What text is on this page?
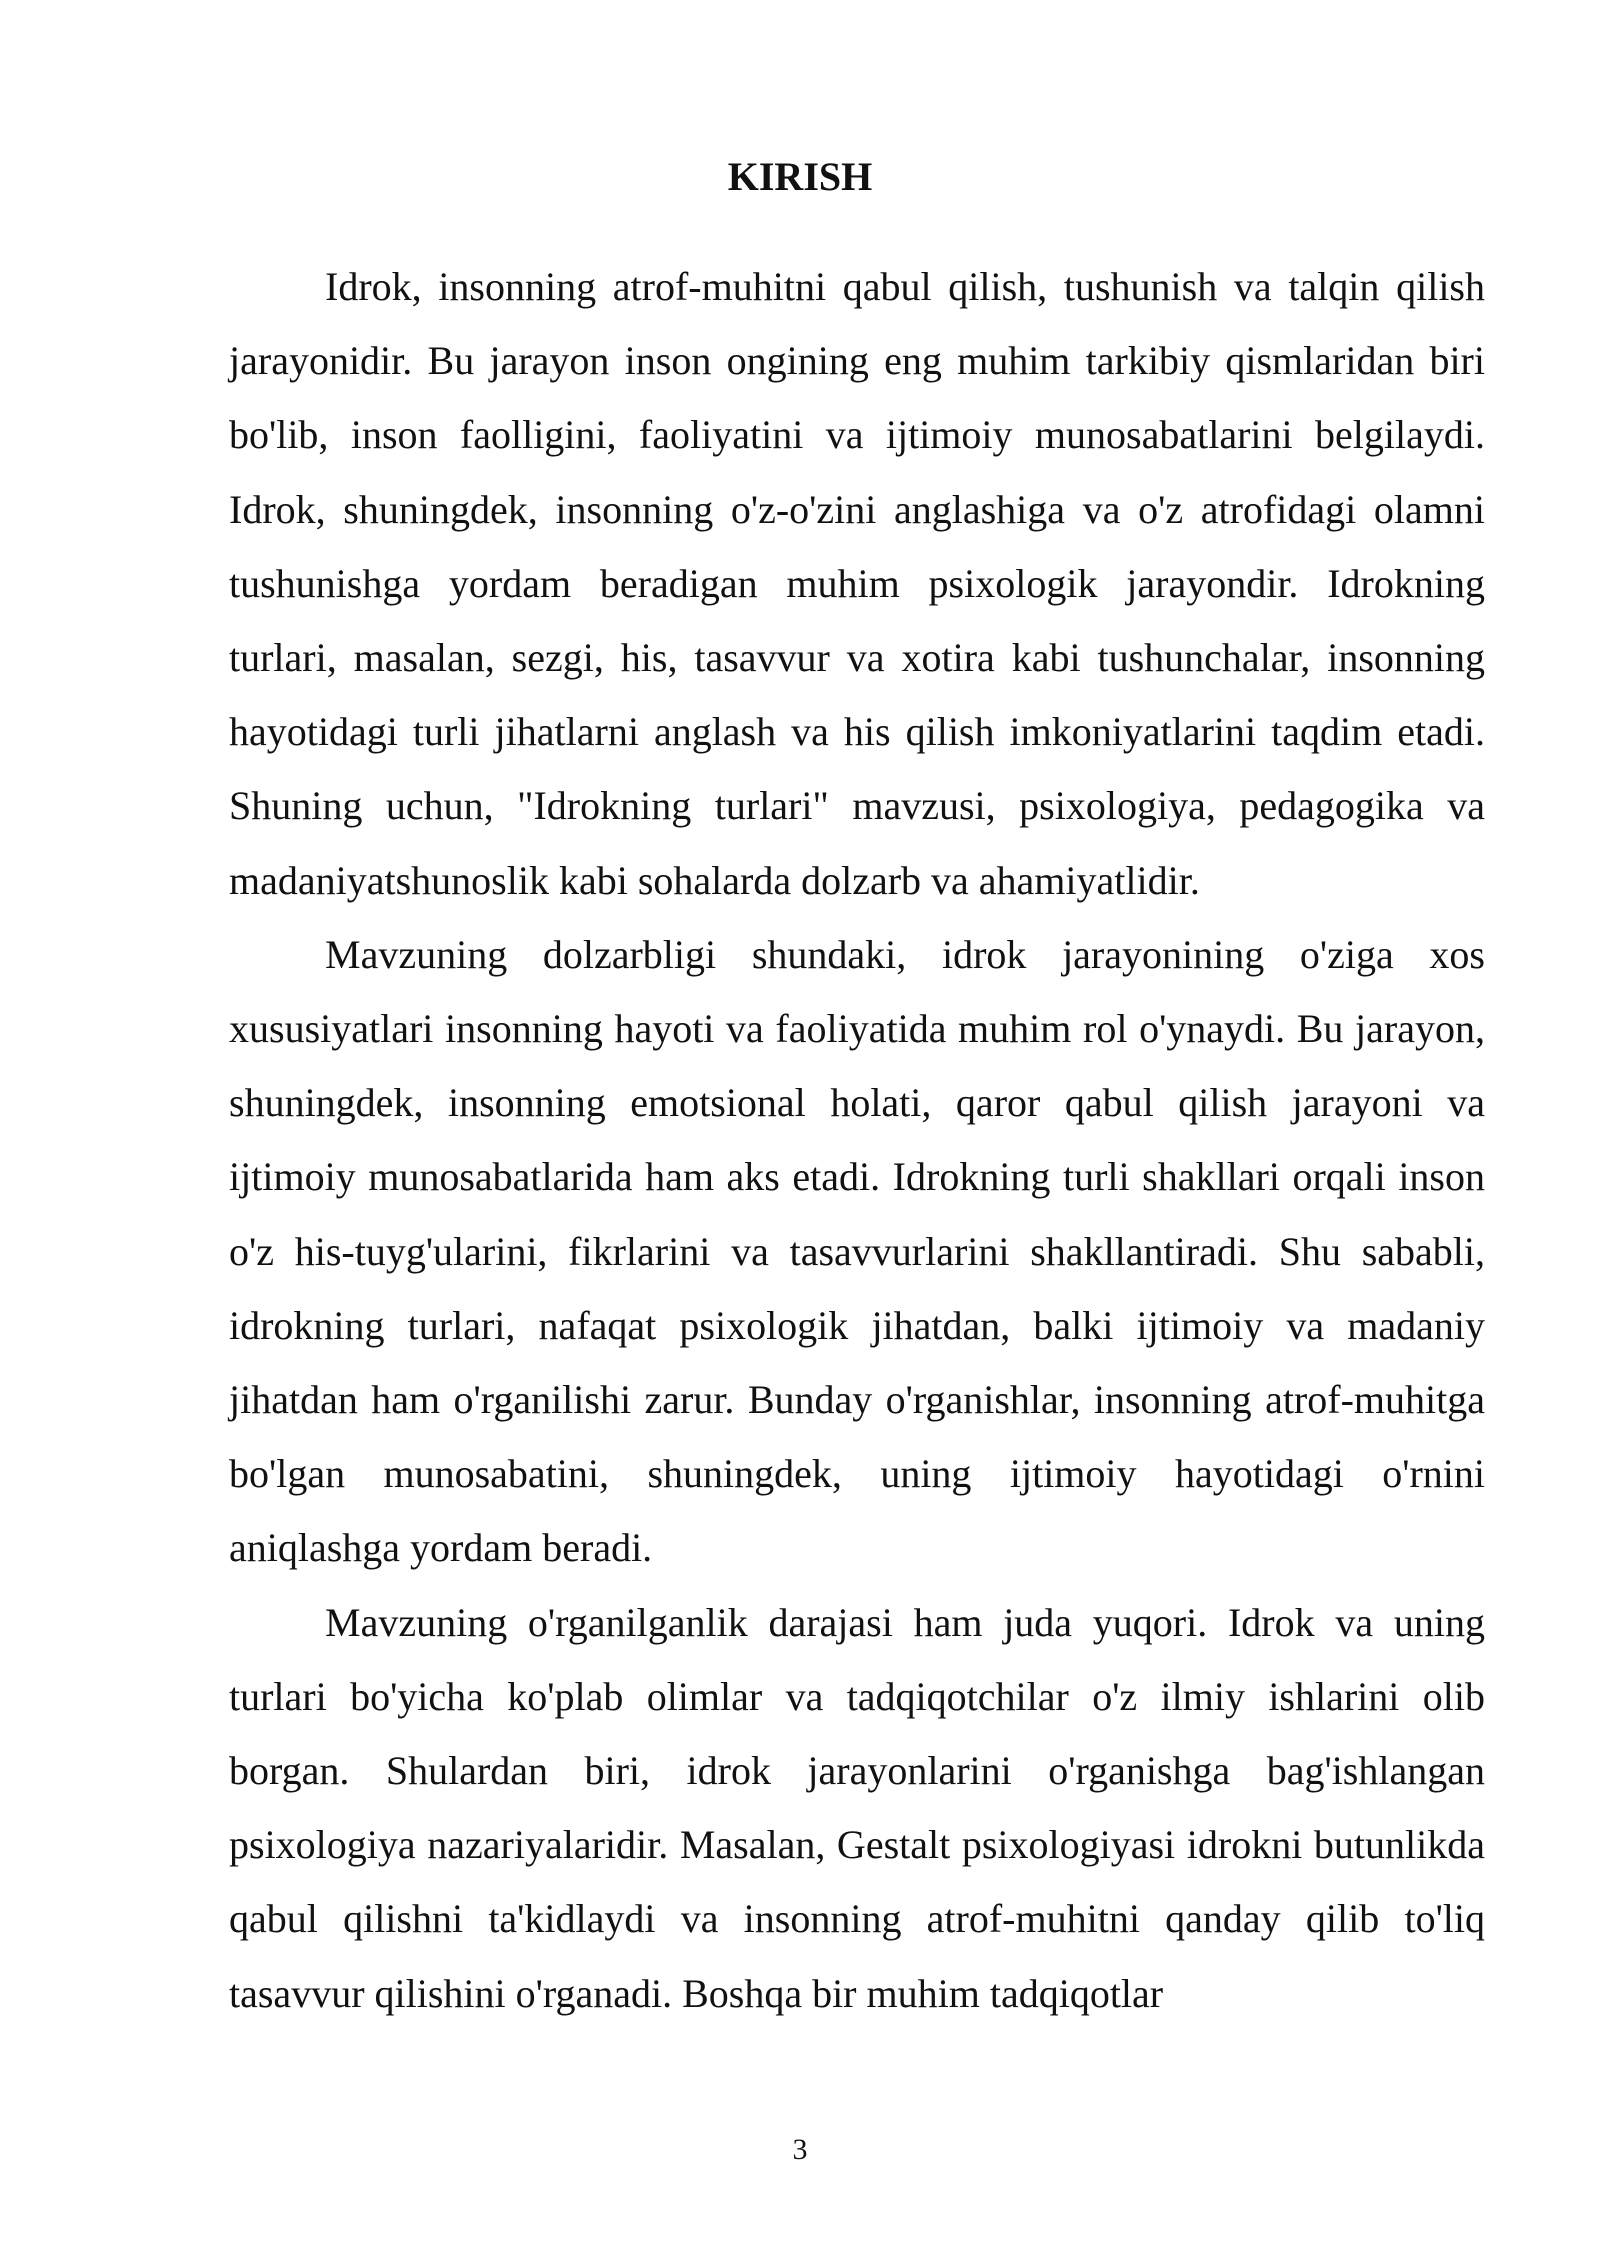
KIRISH

Idrok, insonning atrof-muhitni qabul qilish, tushunish va talqin qilish jarayonidir. Bu jarayon inson ongining eng muhim tarkibiy qismlaridan biri bo'lib, inson faolligini, faoliyatini va ijtimoiy munosabatlarini belgilaydi. Idrok, shuningdek, insonning o'z-o'zini anglashiga va o'z atrofidagi olamni tushunishga yordam beradigan muhim psixologik jarayondir. Idrokning turlari, masalan, sezgi, his, tasavvur va xotira kabi tushunchalar, insonning hayotidagi turli jihatlarni anglash va his qilish imkoniyatlarini taqdim etadi. Shuning uchun, "Idrokning turlari" mavzusi, psixologiya, pedagogika va madaniyatshunoslik kabi sohalarda dolzarb va ahamiyatlidir.

Mavzuning dolzarbligi shundaki, idrok jarayonining o'ziga xos xususiyatlari insonning hayoti va faoliyatida muhim rol o'ynaydi. Bu jarayon, shuningdek, insonning emotsional holati, qaror qabul qilish jarayoni va ijtimoiy munosabatlarida ham aks etadi. Idrokning turli shakllari orqali inson o'z his-tuyg'ularini, fikrlarini va tasavvurlarini shakllantiradi. Shu sababli, idrokning turlari, nafaqat psixologik jihatdan, balki ijtimoiy va madaniy jihatdan ham o'rganilishi zarur. Bunday o'rganishlar, insonning atrof-muhitga bo'lgan munosabatini, shuningdek, uning ijtimoiy hayotidagi o'rnini aniqlashga yordam beradi.

Mavzuning o'rganilganlik darajasi ham juda yuqori. Idrok va uning turlari bo'yicha ko'plab olimlar va tadqiqotchilar o'z ilmiy ishlarini olib borgan. Shulardan biri, idrok jarayonlarini o'rganishga bag'ishlangan psixologiya nazariyalaridir. Masalan, Gestalt psixologiyasi idrokni butunlikda qabul qilishni ta'kidlaydi va insonning atrof-muhitni qanday qilib to'liq tasavvur qilishini o'rganadi. Boshqa bir muhim tadqiqotlar

3
